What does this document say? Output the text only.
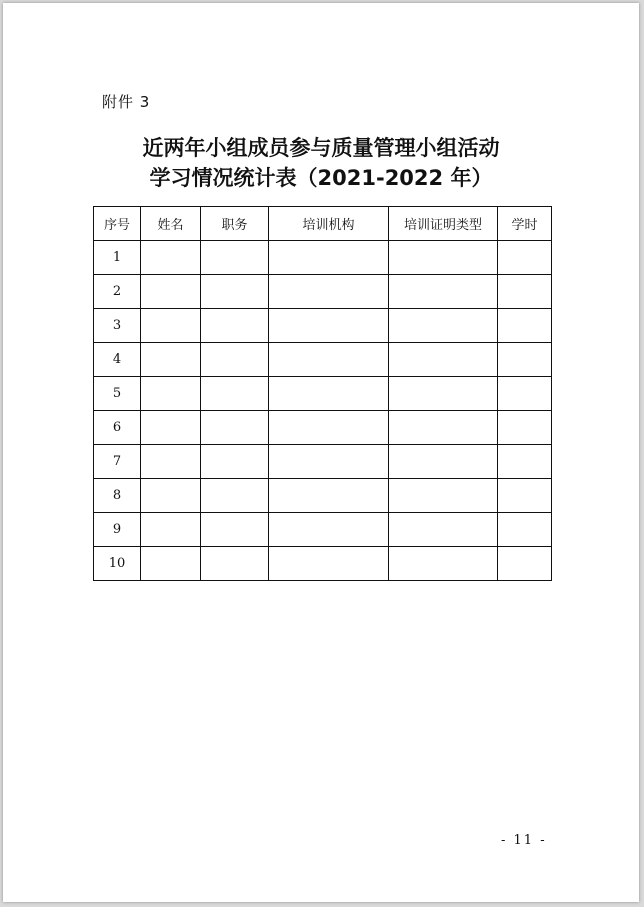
附件 3
近两年小组成员参与质量管理小组活动
学习情况统计表（2021-2022 年）
序号	姓名	职务	培训机构	培训证明类型	学时
1					
2					
3					
4					
5					
6					
7					
8					
9					
10					
- 11 -
